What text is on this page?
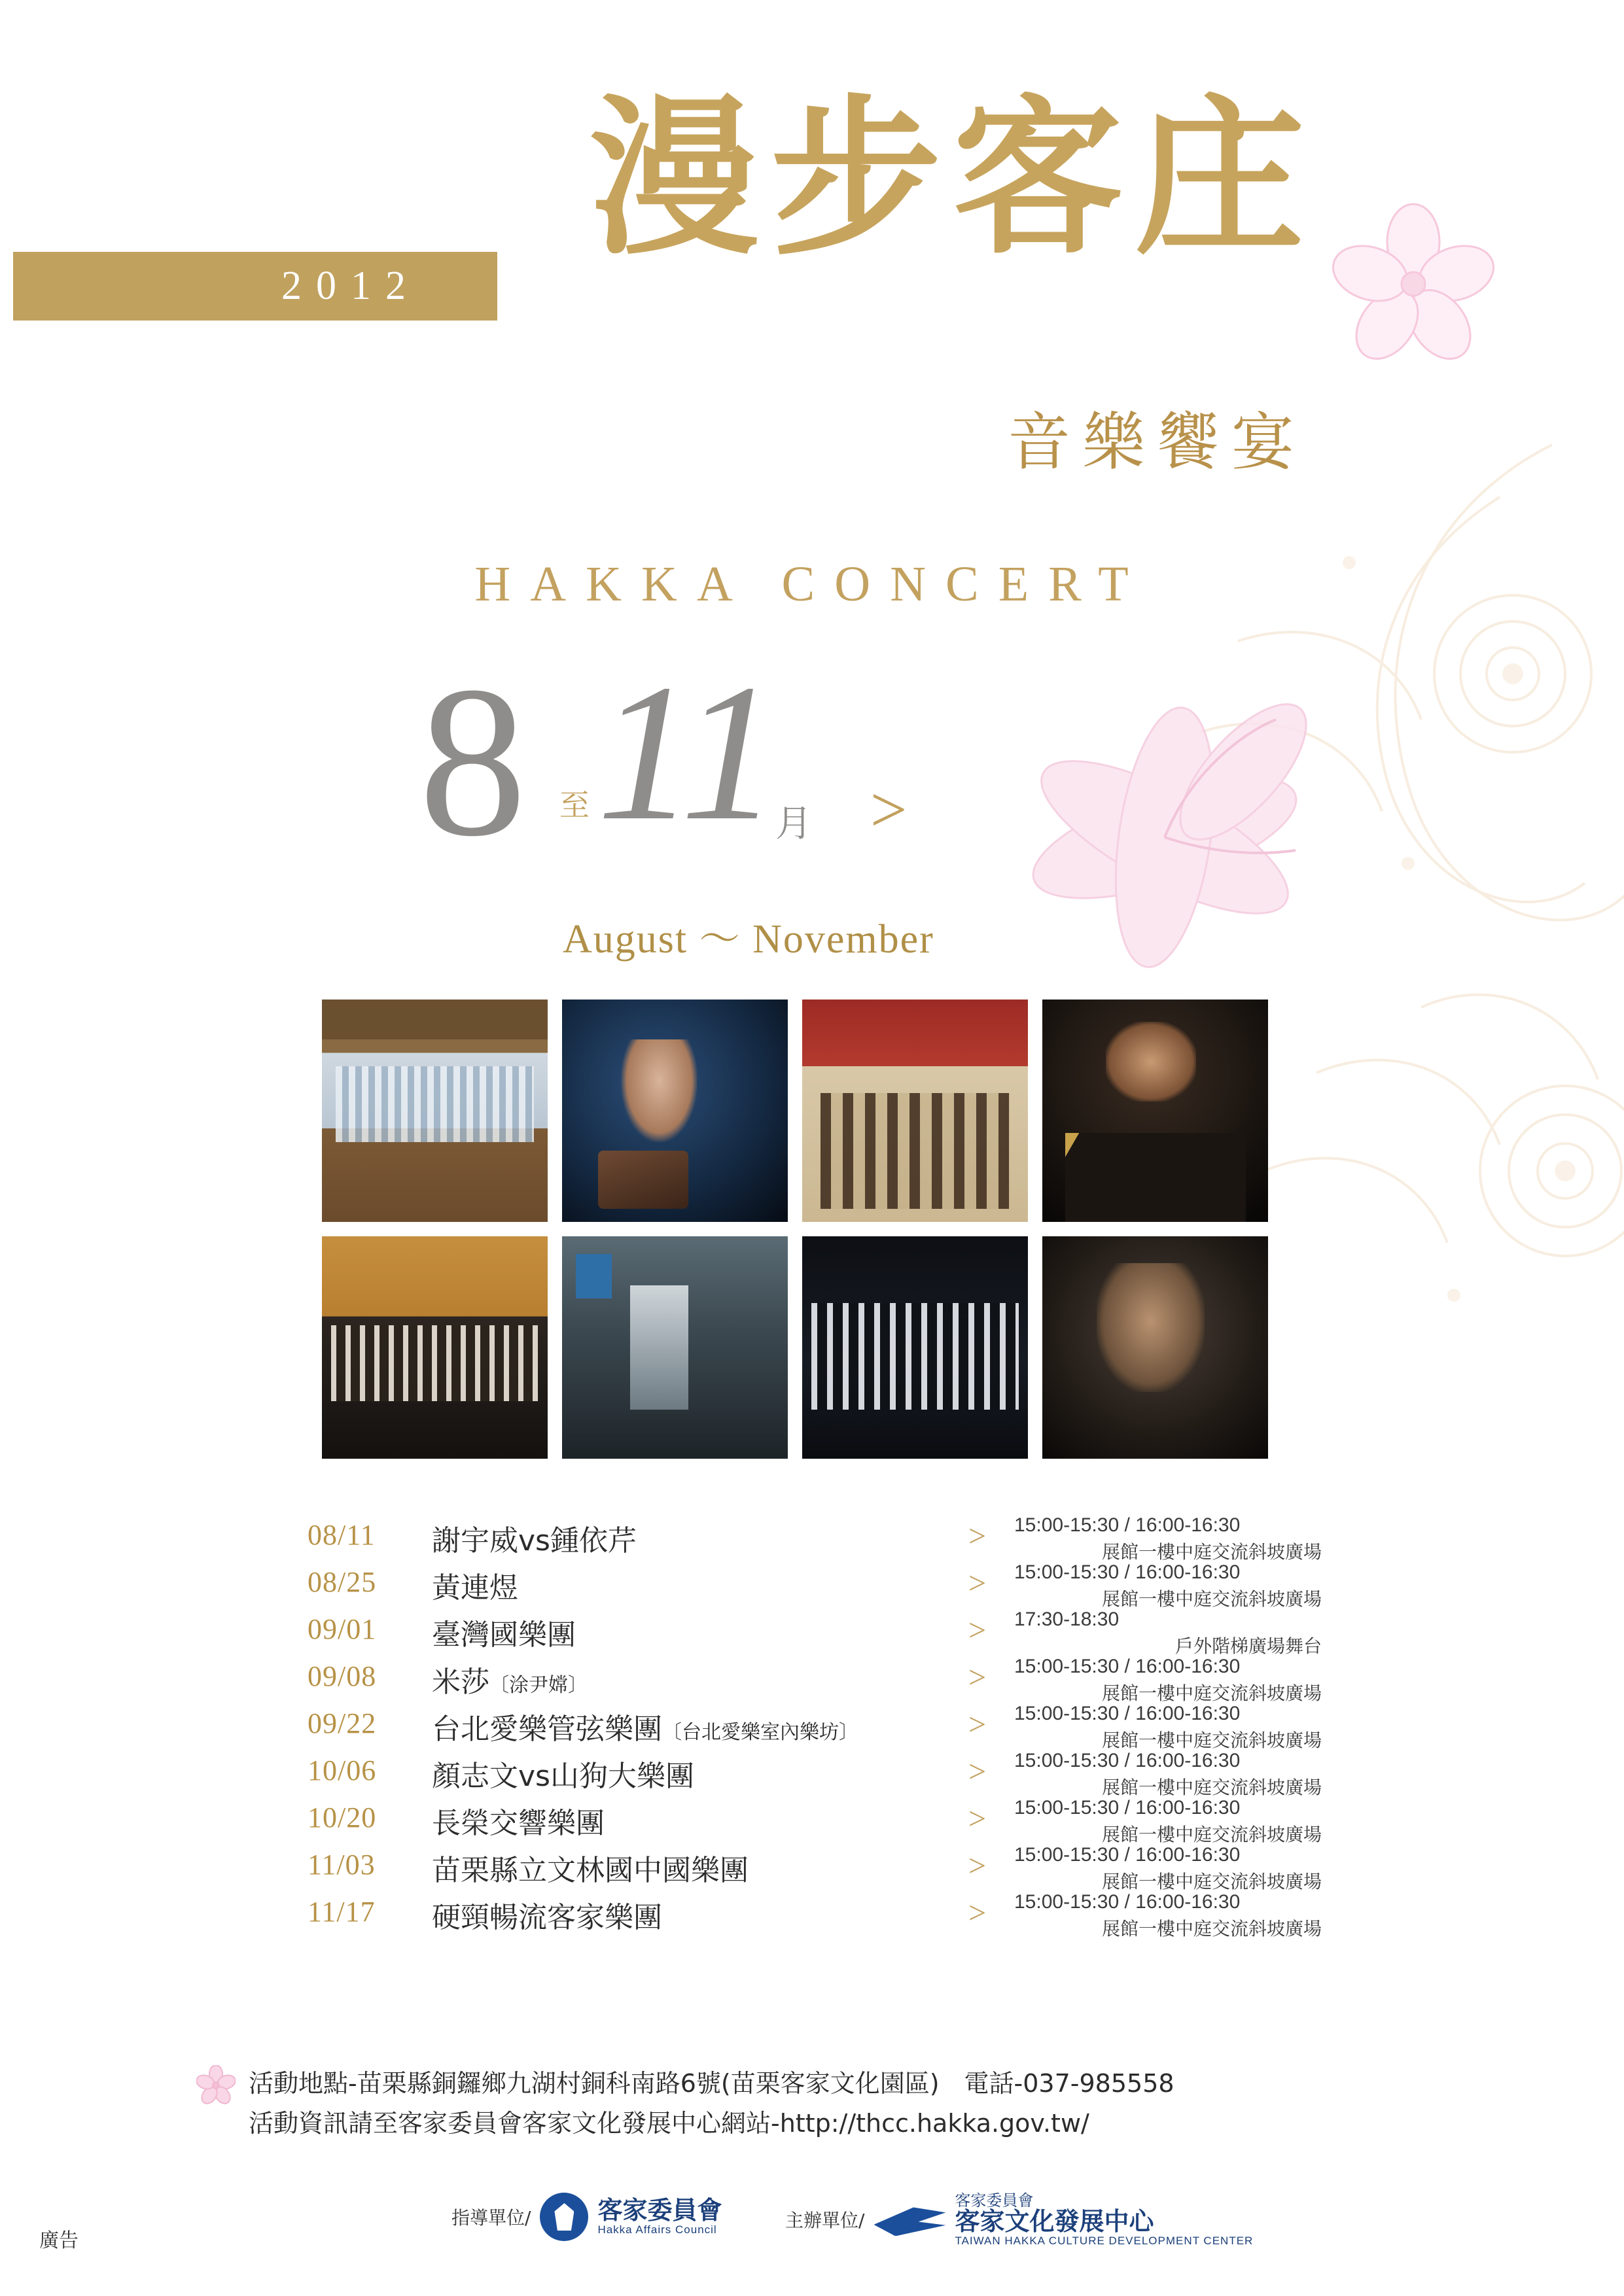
2012
漫步客庄
音樂饗宴
HAKKA CONCERT
8 至 11
月 >
August ～ November
08/11	謝宇威vs鍾依芹	> 15:00-15:30 / 16:00-16:30
展館一樓中庭交流斜坡廣場
08/25	黃連煜	> 15:00-15:30 / 16:00-16:30
展館一樓中庭交流斜坡廣場
09/01	臺灣國樂團	> 17:30-18:30
戶外階梯廣場舞台
09/08	米莎〔涂尹嫦〕	> 15:00-15:30 / 16:00-16:30
展館一樓中庭交流斜坡廣場
09/22	台北愛樂管弦樂團〔台北愛樂室內樂坊〕	> 15:00-15:30 / 16:00-16:30
展館一樓中庭交流斜坡廣場
10/06	顏志文vs山狗大樂團	> 15:00-15:30 / 16:00-16:30
展館一樓中庭交流斜坡廣場
10/20	長榮交響樂團	> 15:00-15:30 / 16:00-16:30
展館一樓中庭交流斜坡廣場
11/03	苗栗縣立文林國中國樂團	> 15:00-15:30 / 16:00-16:30
展館一樓中庭交流斜坡廣場
11/17	硬頸暢流客家樂團	> 15:00-15:30 / 16:00-16:30
展館一樓中庭交流斜坡廣場
活動地點-苗栗縣銅鑼鄉九湖村銅科南路6號(苗栗客家文化園區)　電話-037-985558
活動資訊請至客家委員會客家文化發展中心網站-http://thcc.hakka.gov.tw/
廣告
指導單位/	客家委員會
Hakka Affairs Council	主辦單位/
客家委員會
客家文化發展中心
TAIWAN HAKKA CULTURE DEVELOPMENT CENTER
